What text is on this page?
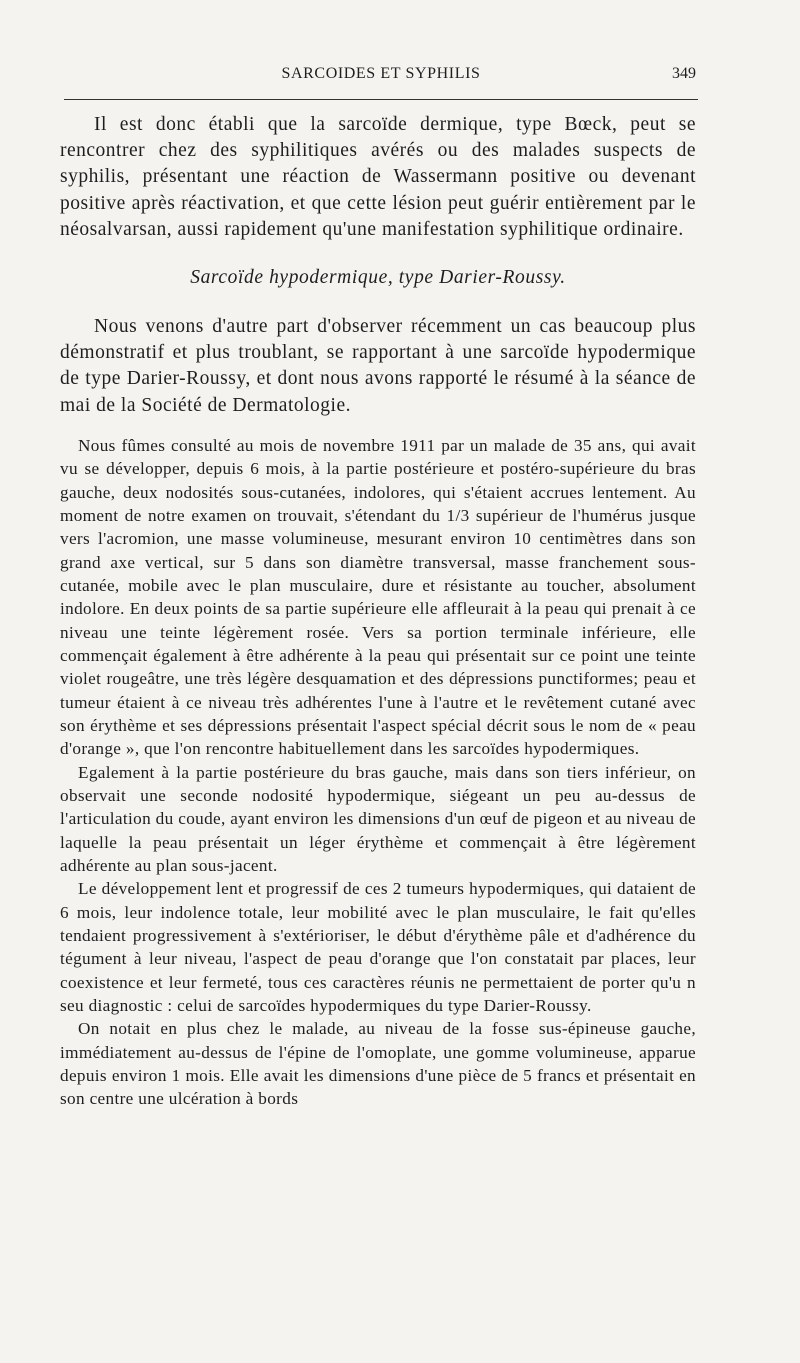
SARCOIDES ET SYPHILIS	349

Il est donc établi que la sarcoïde dermique, type Bœck, peut se rencontrer chez des syphilitiques avérés ou des malades suspects de syphilis, présentant une réaction de Wassermann positive ou devenant positive après réactivation, et que cette lésion peut guérir entièrement par le néosalvarsan, aussi rapidement qu'une manifestation syphilitique ordinaire.

Sarcoïde hypodermique, type Darier-Roussy.

Nous venons d'autre part d'observer récemment un cas beaucoup plus démonstratif et plus troublant, se rapportant à une sarcoïde hypodermique de type Darier-Roussy, et dont nous avons rapporté le résumé à la séance de mai de la Société de Dermatologie.

Nous fûmes consulté au mois de novembre 1911 par un malade de 35 ans, qui avait vu se développer, depuis 6 mois, à la partie postérieure et postéro-supérieure du bras gauche, deux nodosités sous-cutanées, indolores, qui s'étaient accrues lentement. Au moment de notre examen on trouvait, s'étendant du 1/3 supérieur de l'humérus jusque vers l'acromion, une masse volumineuse, mesurant environ 10 centimètres dans son grand axe vertical, sur 5 dans son diamètre transversal, masse franchement sous-cutanée, mobile avec le plan musculaire, dure et résistante au toucher, absolument indolore. En deux points de sa partie supérieure elle affleurait à la peau qui prenait à ce niveau une teinte légèrement rosée. Vers sa portion terminale inférieure, elle commençait également à être adhérente à la peau qui présentait sur ce point une teinte violet rougeâtre, une très légère desquamation et des dépressions punctiformes; peau et tumeur étaient à ce niveau très adhérentes l'une à l'autre et le revêtement cutané avec son érythème et ses dépressions présentait l'aspect spécial décrit sous le nom de « peau d'orange », que l'on rencontre habituellement dans les sarcoïdes hypodermiques.

Egalement à la partie postérieure du bras gauche, mais dans son tiers inférieur, on observait une seconde nodosité hypodermique, siégeant un peu au-dessus de l'articulation du coude, ayant environ les dimensions d'un œuf de pigeon et au niveau de laquelle la peau présentait un léger érythème et commençait à être légèrement adhérente au plan sous-jacent.

Le développement lent et progressif de ces 2 tumeurs hypodermiques, qui dataient de 6 mois, leur indolence totale, leur mobilité avec le plan musculaire, le fait qu'elles tendaient progressivement à s'extérioriser, le début d'érythème pâle et d'adhérence du tégument à leur niveau, l'aspect de peau d'orange que l'on constatait par places, leur coexistence et leur fermeté, tous ces caractères réunis ne permettaient de porter qu'u n seu diagnostic : celui de sarcoïdes hypodermiques du type Darier-Roussy.

On notait en plus chez le malade, au niveau de la fosse sus-épineuse gauche, immédiatement au-dessus de l'épine de l'omoplate, une gomme volumineuse, apparue depuis environ 1 mois. Elle avait les dimensions d'une pièce de 5 francs et présentait en son centre une ulcération à bords
